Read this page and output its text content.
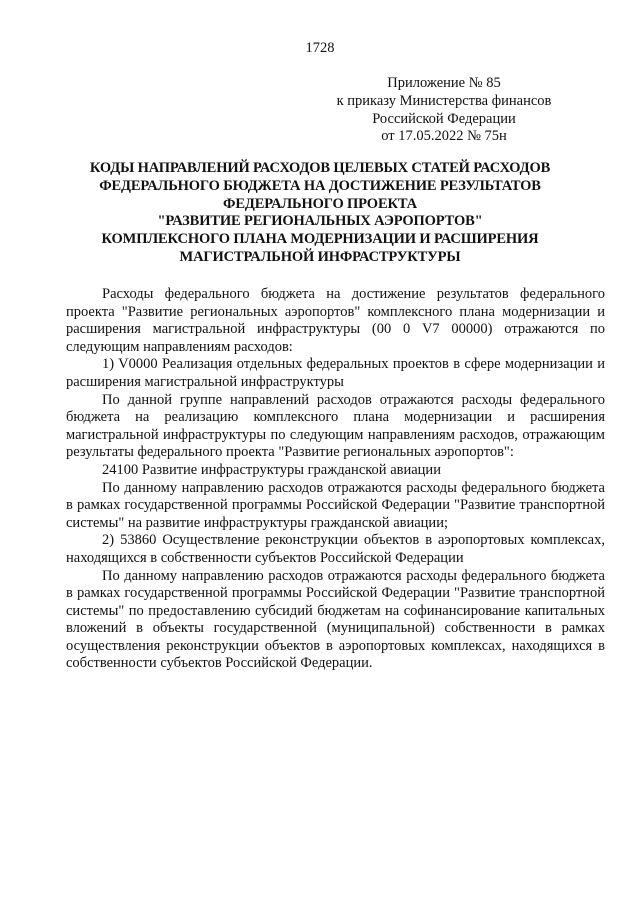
1728
Приложение № 85
к приказу Министерства финансов
Российской Федерации
от 17.05.2022 № 75н
КОДЫ НАПРАВЛЕНИЙ РАСХОДОВ ЦЕЛЕВЫХ СТАТЕЙ РАСХОДОВ
ФЕДЕРАЛЬНОГО БЮДЖЕТА НА ДОСТИЖЕНИЕ РЕЗУЛЬТАТОВ
ФЕДЕРАЛЬНОГО ПРОЕКТА
"РАЗВИТИЕ РЕГИОНАЛЬНЫХ АЭРОПОРТОВ"
КОМПЛЕКСНОГО ПЛАНА МОДЕРНИЗАЦИИ И РАСШИРЕНИЯ
МАГИСТРАЛЬНОЙ ИНФРАСТРУКТУРЫ

Расходы федерального бюджета на достижение результатов федерального проекта "Развитие региональных аэропортов" комплексного плана модернизации и расширения магистральной инфраструктуры (00 0 V7 00000) отражаются по следующим направлениям расходов:

1) V0000 Реализация отдельных федеральных проектов в сфере модернизации и расширения магистральной инфраструктуры

По данной группе направлений расходов отражаются расходы федерального бюджета на реализацию комплексного плана модернизации и расширения магистральной инфраструктуры по следующим направлениям расходов, отражающим результаты федерального проекта "Развитие региональных аэропортов":

24100 Развитие инфраструктуры гражданской авиации

По данному направлению расходов отражаются расходы федерального бюджета в рамках государственной программы Российской Федерации "Развитие транспортной системы" на развитие инфраструктуры гражданской авиации;

2) 53860 Осуществление реконструкции объектов в аэропортовых комплексах, находящихся в собственности субъектов Российской Федерации

По данному направлению расходов отражаются расходы федерального бюджета в рамках государственной программы Российской Федерации "Развитие транспортной системы" по предоставлению субсидий бюджетам на софинансирование капитальных вложений в объекты государственной (муниципальной) собственности в рамках осуществления реконструкции объектов в аэропортовых комплексах, находящихся в собственности субъектов Российской Федерации.
